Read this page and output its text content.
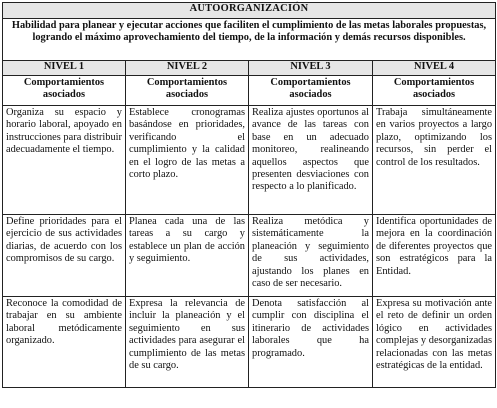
AUTOORGANIZACIÓN			
Habilidad para planear y ejecutar acciones que faciliten el cumplimiento de las metas laborales propuestas, logrando el máximo aprovechamiento del tiempo, de la información y demás recursos disponibles.			
NIVEL 1	NIVEL 2	NIVEL 3	NIVEL 4
Comportamientos asociados	Comportamientos asociados	Comportamientos asociados	Comportamientos asociados
Organiza su espacio y horario laboral, apoyado en instrucciones para distribuir adecuadamente el tiempo.	Establece cronogramas basándose en prioridades, verificando el cumplimiento y la calidad en el logro de las metas a corto plazo.	Realiza ajustes oportunos al avance de las tareas con base en un adecuado monitoreo, realineando aquellos aspectos que presenten desviaciones con respecto a lo planificado.	Trabaja simultáneamente en varios proyectos a largo plazo, optimizando los recursos, sin perder el control de los resultados.
Define prioridades para el ejercicio de sus actividades diarias, de acuerdo con los compromisos de su cargo.	Planea cada una de las tareas a su cargo y establece un plan de acción y seguimiento.	Realiza metódica y sistemáticamente la planeación y seguimiento de sus actividades, ajustando los planes en caso de ser necesario.	Identifica oportunidades de mejora en la coordinación de diferentes proyectos que son estratégicos para la Entidad.
Reconoce la comodidad de trabajar en su ambiente laboral metódicamente organizado.	Expresa la relevancia de incluir la planeación y el seguimiento en sus actividades para asegurar el cumplimiento de las metas de su cargo.	Denota satisfacción al cumplir con disciplina el itinerario de actividades laborales que ha programado.	Expresa su motivación ante el reto de definir un orden lógico en actividades complejas y desorganizadas relacionadas con las metas estratégicas de la entidad.
